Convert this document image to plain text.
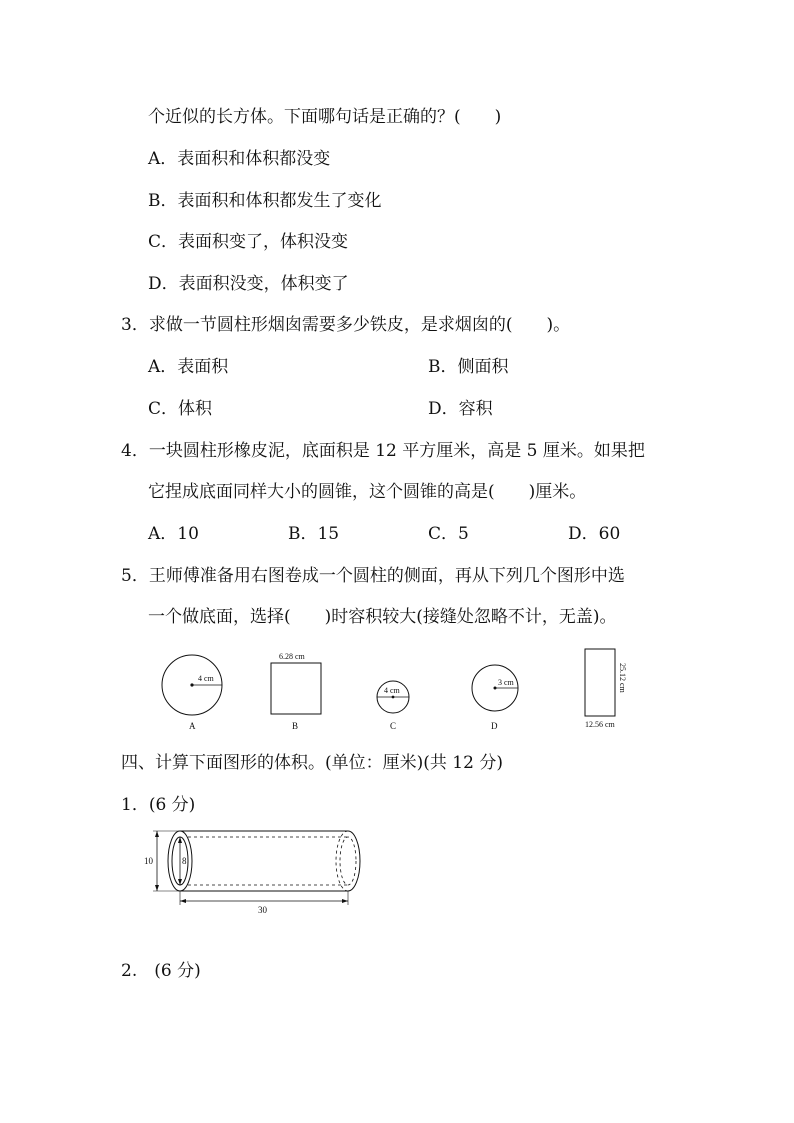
个近似的长方体。下面哪句话是正确的？(　　)
A．表面积和体积都没变
B．表面积和体积都发生了变化
C．表面积变了，体积没变
D．表面积没变，体积变了
3．求做一节圆柱形烟囱需要多少铁皮，是求烟囱的(　　)。
A．表面积	B．侧面积
C．体积	D．容积
4．一块圆柱形橡皮泥，底面积是 12 平方厘米，高是 5 厘米。如果把
它捏成底面同样大小的圆锥，这个圆锥的高是(　　)厘米。
A．10	B．15	C．5	D．60
5．王师傅准备用右图卷成一个圆柱的侧面，再从下列几个图形中选
一个做底面，选择(　　)时容积较大(接缝处忽略不计，无盖)。
4 cm
A
6.28 cm
B
4 cm
C
3 cm
D
25.12 cm
12.56 cm
四、计算下面图形的体积。(单位：厘米)(共 12 分)
1．(6 分)
10	8
30
2.　(6 分)
